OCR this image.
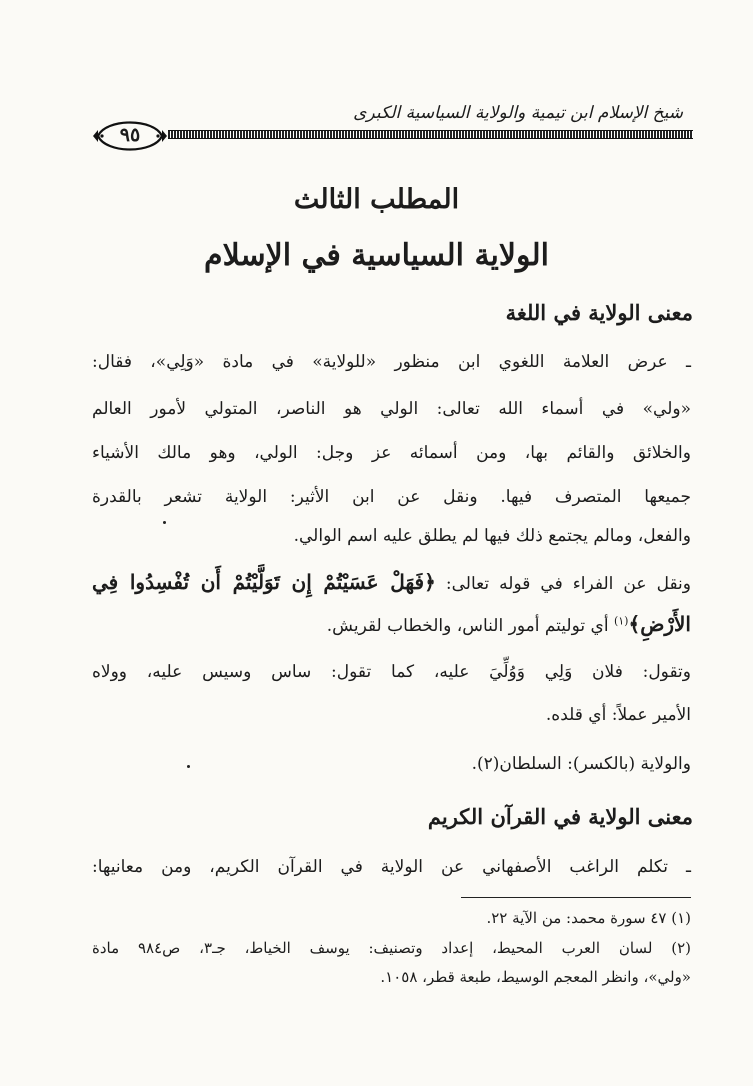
شيخ الإسلام ابن تيمية والولاية السياسية الكبرى
٩٥
المطلب الثالث
الولاية السياسية في الإسلام
معنى الولاية في اللغة
ـ عرض العلامة اللغوي ابن منظور «للولاية» في مادة «وَلِي»، فقال:
«ولي» في أسماء الله تعالى: الولي هو الناصر، المتولي لأمور العالم
والخلائق والقائم بها، ومن أسمائه عز وجل: الولي، وهو مالك الأشياء
جميعها المتصرف فيها. ونقل عن ابن الأثير: الولاية تشعر بالقدرة
والفعل، ومالم يجتمع ذلك فيها لم يطلق عليه اسم الوالي.
ونقل عن الفراء في قوله تعالى: ﴿فَهَلْ عَسَيْتُمْ إِن تَوَلَّيْتُمْ أَن تُفْسِدُوا فِي
الأَرْضِ﴾$^{(١)}$ أي توليتم أمور الناس، والخطاب لقريش.
وتقول: فلان وَلِي وَوُلِّيَ عليه، كما تقول: ساس وسيس عليه، وولاه
الأمير عملاً: أي قلده.
والولاية (بالكسر): السلطان(٢).
معنى الولاية في القرآن الكريم
ـ تكلم الراغب الأصفهاني عن الولاية في القرآن الكريم، ومن معانيها:
(١) ٤٧ سورة محمد: من الآية ٢٢.
(٢) لسان العرب المحيط، إعداد وتصنيف: يوسف الخياط، جـ٣، ص٩٨٤ مادة
«ولي»، وانظر المعجم الوسيط، طبعة قطر، ١٠٥٨.
